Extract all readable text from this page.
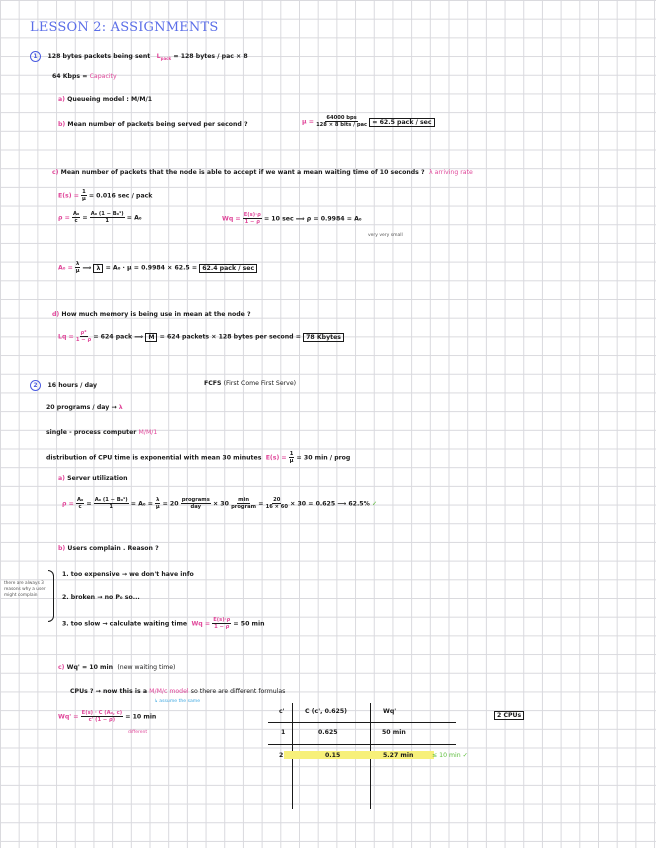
LESSON 2: ASSIGNMENTS
1 128 bytes packets being sent $L_{pack} = 128$ bytes / pac × 8
64 Kbps = Capacity
a) Queueing model : M/M/1
b) Mean number of packets being served per second ?	$\mu = \frac{\text{64000 bps}}{\text{128 × 8 bits / pac}} = 62.5$ pack / sec
c) Mean number of packets that the node is able to accept if we want a mean waiting time of 10 seconds ? λ arriving rate
$E(s) = \frac{1}{\mu} = 0.016$ sec / pack
$\rho = \frac{\text{A₀}}{c} = \frac{\text{A₀ (1 − B₀¹)}}{1} = A_0$	$Wq = \frac{E(s)\cdot\rho}{1 - \rho} = 10$ sec ⟹ ρ = 0.9984 = A₀
very very small
$A_0 = \frac{\lambda}{\mu}$ ⟹ λ = A₀ · μ = 0.9984 × 62.5 = 62.4 pack / sec
d) How much memory is being use in mean at the node ?
$Lq = \frac{\text{ρ²}}{1 - \rho} = 624$ pack ⟹ M = 624 packets × 128 bytes per second = 78 Kbytes
2 16 hours / day	FCFS (First Come First Serve)
20 programs / day → λ
single - process computer M/M/1
distribution of CPU time is exponential with mean 30 minutes $E(s) = \frac{1}{\mu} = 30$ min / prog
a) Server utilization
$\rho = \frac{\text{A₀}}{c} = \frac{\text{A₀ (1 − B₀¹)}}{1} = A_0 = \frac{\lambda}{\mu} = 20 \frac{\text{programs}}{\text{day}} \times 30 \frac{\min}{\text{program}} = \frac{20}{16 \times 60} \times 30 = 0.625$ ⟶ 62.5% ✓
b) Users complain . Reason ?
there are always 3 reasons why a user might complain
1. too expensive → we don't have info
2. broken → no P₀ so...
3. too slow → calculate waiting time $Wq = \frac{E(s)\cdot\rho}{1 - \rho} = 50$ min
c) Wq' = 10 min (new waiting time)
CPUs ? → now this is a M/M/c model so there are different formulas
↳ assume the same
$Wq' = \frac{\text{E(s) · C (A₀, c)}}{c' (1 - \rho)} = 10$ min
different
2 CPUs
c'	C (c', 0.625)	Wq'
1	0.625	50 min
2	0.15	5.27 min	≤ 10 min ✓
